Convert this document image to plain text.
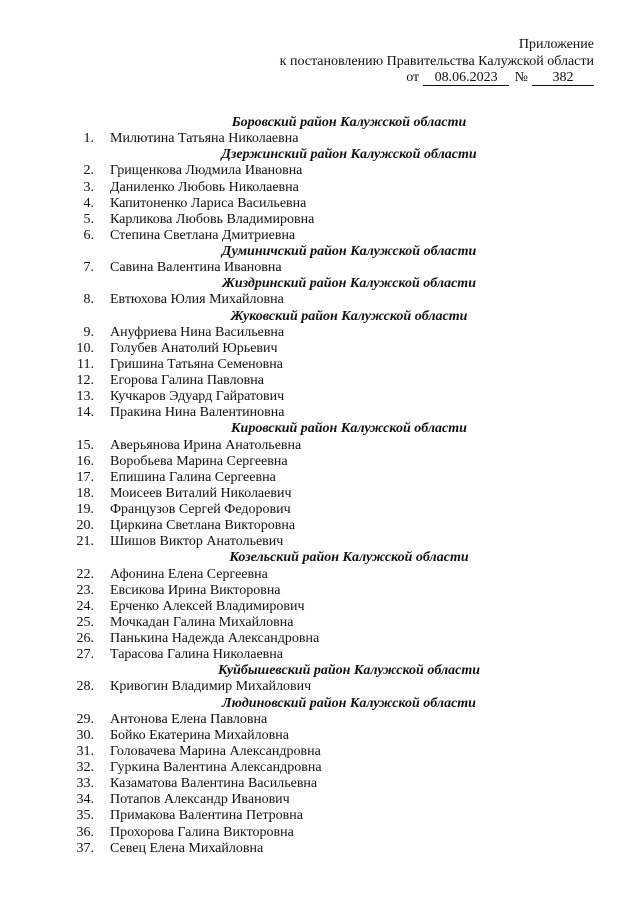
Приложение
к постановлению Правительства Калужской области
от 08.06.2023 № 382
Боровский район Калужской области
1. Милютина Татьяна Николаевна
Дзержинский район Калужской области
2. Грищенкова Людмила Ивановна
3. Даниленко Любовь Николаевна
4. Капитоненко Лариса Васильевна
5. Карликова Любовь Владимировна
6. Степина Светлана Дмитриевна
Думиничский район Калужской области
7. Савина Валентина Ивановна
Жиздринский район Калужской области
8. Евтюхова Юлия Михайловна
Жуковский район Калужской области
9. Ануфриева Нина Васильевна
10. Голубев Анатолий Юрьевич
11. Гришина Татьяна Семеновна
12. Егорова Галина Павловна
13. Кучкаров Эдуард Гайратович
14. Пракина Нина Валентиновна
Кировский район Калужской области
15. Аверьянова Ирина Анатольевна
16. Воробьева Марина Сергеевна
17. Епишина Галина Сергеевна
18. Моисеев Виталий Николаевич
19. Французов Сергей Федорович
20. Циркина Светлана Викторовна
21. Шишов Виктор Анатольевич
Козельский район Калужской области
22. Афонина Елена Сергеевна
23. Евсикова Ирина Викторовна
24. Ерченко Алексей Владимирович
25. Мочкадан Галина Михайловна
26. Панькина Надежда Александровна
27. Тарасова Галина Николаевна
Куйбышевский район Калужской области
28. Кривогин Владимир Михайлович
Людиновский район Калужской области
29. Антонова Елена Павловна
30. Бойко Екатерина Михайловна
31. Головачева Марина Александровна
32. Гуркина Валентина Александровна
33. Казаматова Валентина Васильевна
34. Потапов Александр Иванович
35. Примакова Валентина Петровна
36. Прохорова Галина Викторовна
37. Севец Елена Михайловна
